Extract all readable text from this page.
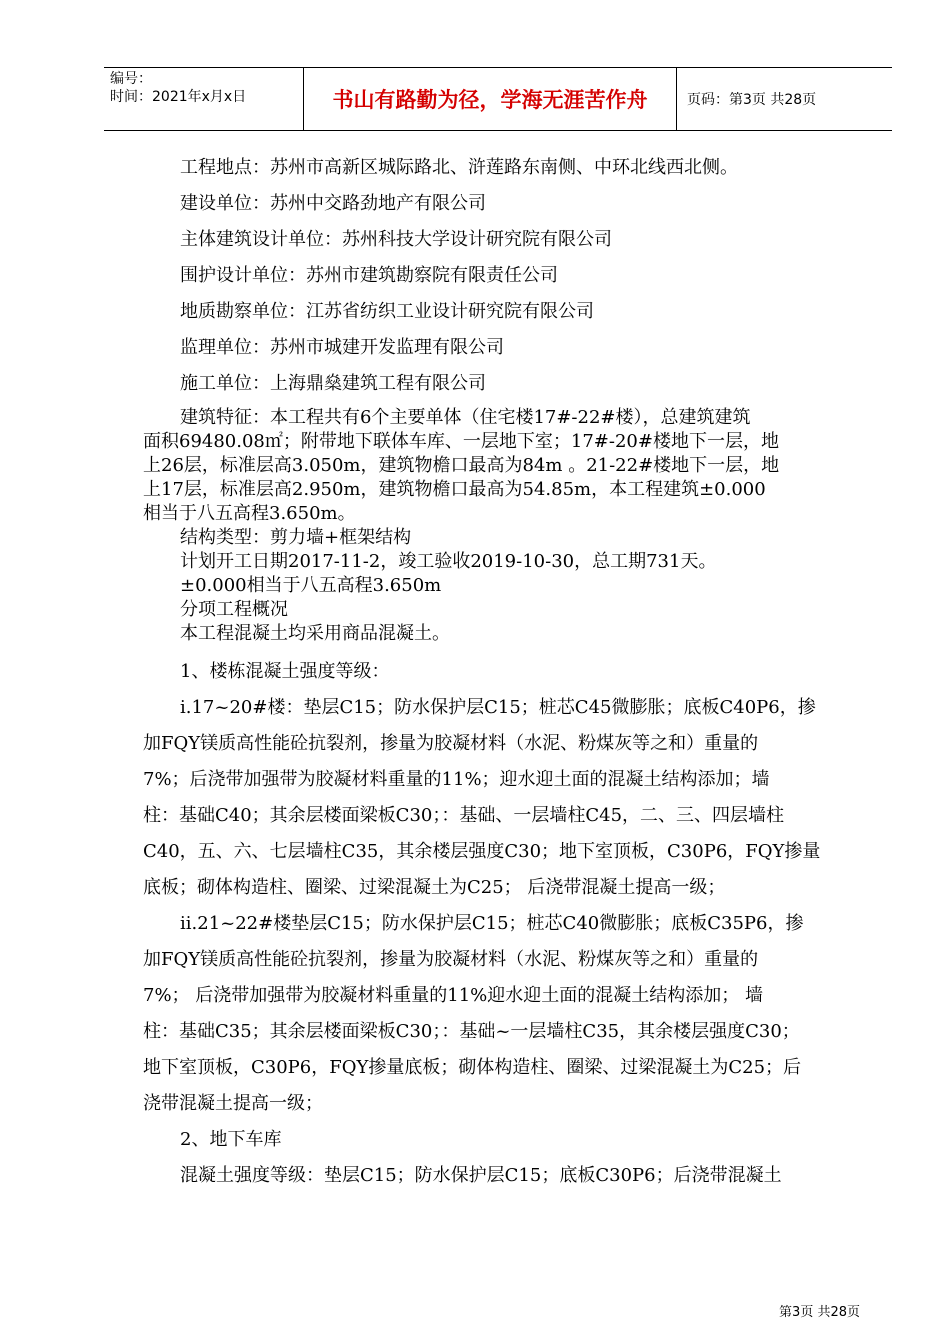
编号：
时间：2021年x月x日	书山有路勤为径，学海无涯苦作舟	页码：第3页 共28页

工程地点：苏州市高新区城际路北、浒莲路东南侧、中环北线西北侧。

建设单位：苏州中交路劲地产有限公司

主体建筑设计单位：苏州科技大学设计研究院有限公司

围护设计单位：苏州市建筑勘察院有限责任公司

地质勘察单位：江苏省纺织工业设计研究院有限公司

监理单位：苏州市城建开发监理有限公司

施工单位：上海鼎燊建筑工程有限公司

建筑特征：本工程共有6个主要单体（住宅楼17#-22#楼），总建筑建筑

面积69480.08㎡；附带地下联体车库、一层地下室；17#-20#楼地下一层，地

上26层，标准层高3.050m，建筑物檐口最高为84m 。21-22#楼地下一层，地

上17层，标准层高2.950m，建筑物檐口最高为54.85m，本工程建筑±0.000

相当于八五高程3.650m。

结构类型：剪力墙+框架结构

计划开工日期2017-11-2，竣工验收2019-10-30，总工期731天。

±0.000相当于八五高程3.650m

分项工程概况

本工程混凝土均采用商品混凝土。

1、楼栋混凝土强度等级：

i.17~20#楼：垫层C15；防水保护层C15；桩芯C45微膨胀；底板C40P6，掺

加FQY镁质高性能砼抗裂剂，掺量为胶凝材料（水泥、粉煤灰等之和）重量的

7%；后浇带加强带为胶凝材料重量的11%；迎水迎土面的混凝土结构添加；墙

柱：基础C40；其余层楼面梁板C30；：基础、一层墙柱C45，二、三、四层墙柱

C40，五、六、七层墙柱C35，其余楼层强度C30；地下室顶板，C30P6，FQY掺量

底板；砌体构造柱、圈梁、过梁混凝土为C25； 后浇带混凝土提高一级；

ii.21~22#楼垫层C15；防水保护层C15；桩芯C40微膨胀；底板C35P6，掺

加FQY镁质高性能砼抗裂剂，掺量为胶凝材料（水泥、粉煤灰等之和）重量的

7%； 后浇带加强带为胶凝材料重量的11%迎水迎土面的混凝土结构添加； 墙

柱：基础C35；其余层楼面梁板C30；：基础~一层墙柱C35，其余楼层强度C30；

地下室顶板，C30P6，FQY掺量底板；砌体构造柱、圈梁、过梁混凝土为C25；后

浇带混凝土提高一级；

2、地下车库

混凝土强度等级：垫层C15；防水保护层C15；底板C30P6；后浇带混凝土

第3页 共28页
